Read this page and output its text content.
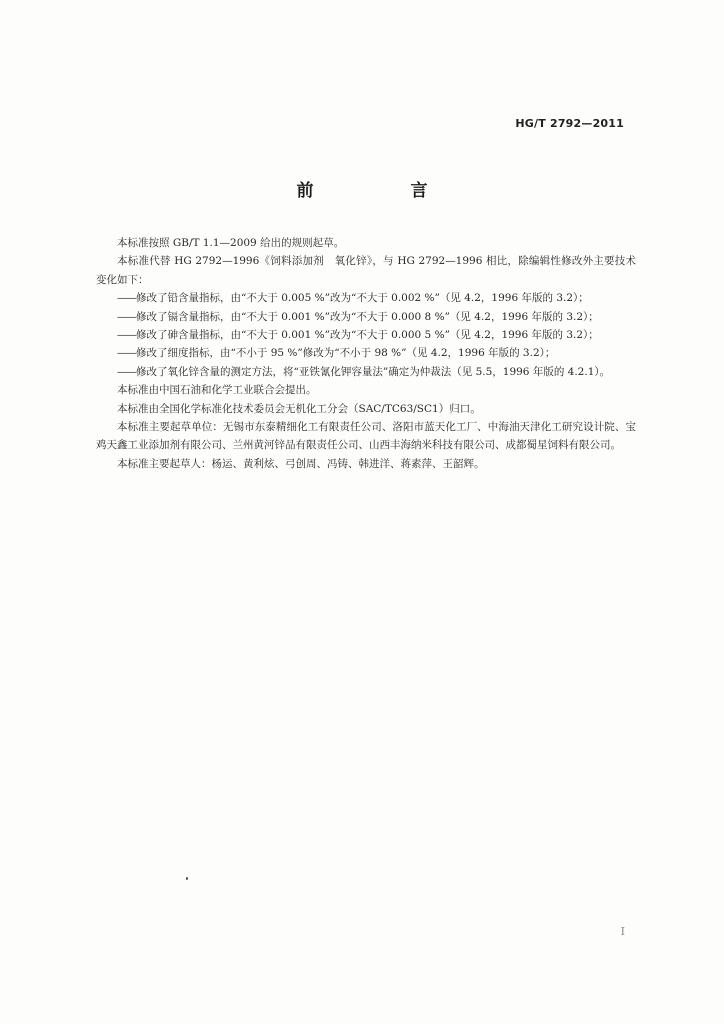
HG/T 2792—2011
前　言

本标准按照 GB/T 1.1—2009 给出的规则起草。

本标准代替 HG 2792—1996《饲料添加剂　氧化锌》，与 HG 2792—1996 相比，除编辑性修改外主要技术变化如下：

——修改了铅含量指标，由“不大于 0.005 %”改为“不大于 0.002 %”（见 4.2，1996 年版的 3.2）；

——修改了镉含量指标，由“不大于 0.001 %”改为“不大于 0.000 8 %”（见 4.2，1996 年版的 3.2）；

——修改了砷含量指标，由“不大于 0.001 %”改为“不大于 0.000 5 %”（见 4.2，1996 年版的 3.2）；

——修改了细度指标，由“不小于 95 %”修改为“不小于 98 %”（见 4.2，1996 年版的 3.2）；

——修改了氧化锌含量的测定方法，将“亚铁氰化钾容量法”确定为仲裁法（见 5.5，1996 年版的 4.2.1）。

本标准由中国石油和化学工业联合会提出。

本标准由全国化学标准化技术委员会无机化工分会（SAC/TC63/SC1）归口。

本标准主要起草单位：无锡市东泰精细化工有限责任公司、洛阳市蓝天化工厂、中海油天津化工研究设计院、宝鸡天鑫工业添加剂有限公司、兰州黄河锌品有限责任公司、山西丰海纳米科技有限公司、成都蜀星饲料有限公司。

本标准主要起草人：杨运、黄利炫、弓创周、冯铸、韩进洋、蒋素萍、王韶辉。

I
